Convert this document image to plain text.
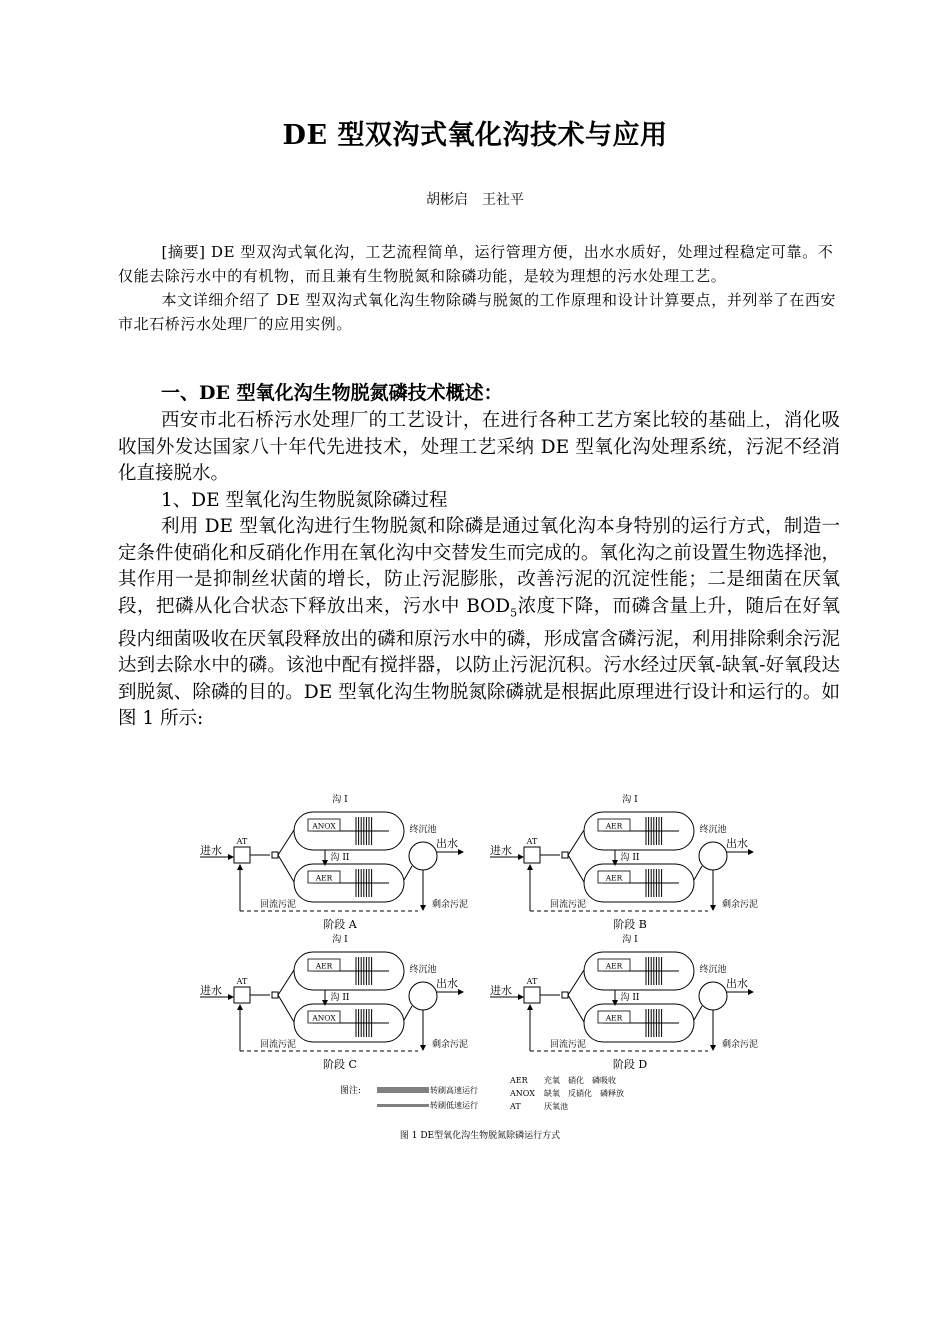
DE 型双沟式氧化沟技术与应用
胡彬启　王社平

[摘要] DE 型双沟式氧化沟，工艺流程简单，运行管理方便，出水水质好，处理过程稳定可靠。不仅能去除污水中的有机物，而且兼有生物脱氮和除磷功能，是较为理想的污水处理工艺。

本文详细介绍了 DE 型双沟式氧化沟生物除磷与脱氮的工作原理和设计计算要点，并列举了在西安市北石桥污水处理厂的应用实例。

一、DE 型氧化沟生物脱氮磷技术概述：

西安市北石桥污水处理厂的工艺设计，在进行各种工艺方案比较的基础上，消化吸收国外发达国家八十年代先进技术，处理工艺采纳 DE 型氧化沟处理系统，污泥不经消化直接脱水。

1、DE 型氧化沟生物脱氮除磷过程

利用 DE 型氧化沟进行生物脱氮和除磷是通过氧化沟本身特别的运行方式，制造一定条件使硝化和反硝化作用在氧化沟中交替发生而完成的。氧化沟之前设置生物选择池，其作用一是抑制丝状菌的增长，防止污泥膨胀，改善污泥的沉淀性能；二是细菌在厌氧段，把磷从化合状态下释放出来，污水中 $BOD_5$浓度下降，而磷含量上升，随后在好氧段内细菌吸收在厌氧段释放出的磷和原污水中的磷，形成富含磷污泥，利用排除剩余污泥达到去除水中的磷。该池中配有搅拌器，以防止污泥沉积。污水经过厌氧-缺氧-好氧段达到脱氮、除磷的目的。DE 型氧化沟生物脱氮除磷就是根据此原理进行设计和运行的。如图 1 所示:

进水
AT
沟 I
ANOX
沟 II
AER
终沉池
出水
回流污泥	剩余污泥
阶段 A
进水
AT
沟 I
AER
沟 II
AER
终沉池
出水
回流污泥	剩余污泥
阶段 B
进水
AT
沟 I
AER
沟 II
ANOX
终沉池
出水
回流污泥	剩余污泥
阶段 C
进水
AT
沟 I
AER
沟 II
AER
终沉池
出水
回流污泥	剩余污泥
阶段 D
图注:	转刷高速运行
转刷低速运行
AER 充氧　硝化　磷吸收
ANOX 缺氧　反硝化　磷释放
AT	厌氧池
图 1 DE型氧化沟生物脱氮除磷运行方式
